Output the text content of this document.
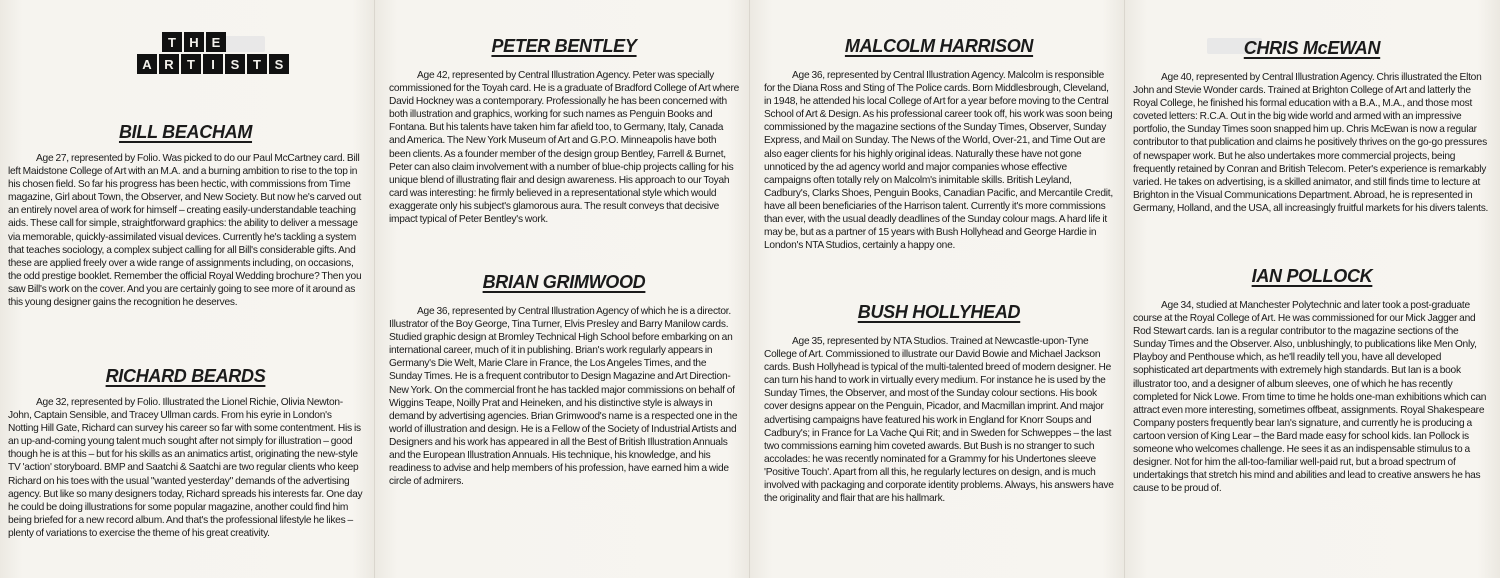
T	H E
A R	T	I	S	T	S
BILL BEACHAM

Age 27, represented by Folio. Was picked to do our Paul McCartney card. Bill left Maidstone College of Art with an M.A. and a burning ambition to rise to the top in his chosen field. So far his progress has been hectic, with commissions from Time magazine, Girl about Town, the Observer, and New Society. But now he's carved out an entirely novel area of work for himself – creating easily-understandable teaching aids. These call for simple, straightforward graphics: the ability to deliver a message via memorable, quickly-assimilated visual devices. Currently he's tackling a system that teaches sociology, a complex subject calling for all Bill's considerable gifts. And these are applied freely over a wide range of assignments including, on occasions, the odd prestige booklet. Remember the official Royal Wedding brochure? Then you saw Bill's work on the cover. And you are certainly going to see more of it around as this young designer gains the recognition he deserves.

RICHARD BEARDS

Age 32, represented by Folio. Illustrated the Lionel Richie, Olivia Newton-John, Captain Sensible, and Tracey Ullman cards. From his eyrie in London's Notting Hill Gate, Richard can survey his career so far with some contentment. His is an up-and-coming young talent much sought after not simply for illustration – good though he is at this – but for his skills as an animatics artist, originating the new-style TV 'action' storyboard. BMP and Saatchi & Saatchi are two regular clients who keep Richard on his toes with the usual "wanted yesterday" demands of the advertising agency. But like so many designers today, Richard spreads his interests far. One day he could be doing illustrations for some popular magazine, another could find him being briefed for a new record album. And that's the professional lifestyle he likes – plenty of variations to exercise the theme of his great creativity.

PETER BENTLEY

Age 42, represented by Central Illustration Agency. Peter was specially commissioned for the Toyah card. He is a graduate of Bradford College of Art where David Hockney was a contemporary. Professionally he has been concerned with both illustration and graphics, working for such names as Penguin Books and Fontana. But his talents have taken him far afield too, to Germany, Italy, Canada and America. The New York Museum of Art and G.P.O. Minneapolis have both been clients. As a founder member of the design group Bentley, Farrell & Burnet, Peter can also claim involvement with a number of blue-chip projects calling for his unique blend of illustrating flair and design awareness. His approach to our Toyah card was interesting: he firmly believed in a representational style which would exaggerate only his subject's glamorous aura. The result conveys that decisive impact typical of Peter Bentley's work.

BRIAN GRIMWOOD

Age 36, represented by Central Illustration Agency of which he is a director. Illustrator of the Boy George, Tina Turner, Elvis Presley and Barry Manilow cards. Studied graphic design at Bromley Technical High School before embarking on an international career, much of it in publishing. Brian's work regularly appears in Germany's Die Welt, Marie Clare in France, the Los Angeles Times, and the Sunday Times. He is a frequent contributor to Design Magazine and Art Direction-New York. On the commercial front he has tackled major commissions on behalf of Wiggins Teape, Noilly Prat and Heineken, and his distinctive style is always in demand by advertising agencies. Brian Grimwood's name is a respected one in the world of illustration and design. He is a Fellow of the Society of Industrial Artists and Designers and his work has appeared in all the Best of British Illustration Annuals and the European Illustration Annuals. His technique, his knowledge, and his readiness to advise and help members of his profession, have earned him a wide circle of admirers.

MALCOLM HARRISON

Age 36, represented by Central Illustration Agency. Malcolm is responsible for the Diana Ross and Sting of The Police cards. Born Middlesbrough, Cleveland, in 1948, he attended his local College of Art for a year before moving to the Central School of Art & Design. As his professional career took off, his work was soon being commissioned by the magazine sections of the Sunday Times, Observer, Sunday Express, and Mail on Sunday. The News of the World, Over-21, and Time Out are also eager clients for his highly original ideas. Naturally these have not gone unnoticed by the ad agency world and major companies whose effective campaigns often totally rely on Malcolm's inimitable skills. British Leyland, Cadbury's, Clarks Shoes, Penguin Books, Canadian Pacific, and Mercantile Credit, have all been beneficiaries of the Harrison talent. Currently it's more commissions than ever, with the usual deadly deadlines of the Sunday colour mags. A hard life it may be, but as a partner of 15 years with Bush Hollyhead and George Hardie in London's NTA Studios, certainly a happy one.

BUSH HOLLYHEAD

Age 35, represented by NTA Studios. Trained at Newcastle-upon-Tyne College of Art. Commissioned to illustrate our David Bowie and Michael Jackson cards. Bush Hollyhead is typical of the multi-talented breed of modern designer. He can turn his hand to work in virtually every medium. For instance he is used by the Sunday Times, the Observer, and most of the Sunday colour sections. His book cover designs appear on the Penguin, Picador, and Macmillan imprint. And major advertising campaigns have featured his work in England for Knorr Soups and Cadbury's; in France for La Vache Qui Rit; and in Sweden for Schweppes – the last two commissions earning him coveted awards. But Bush is no stranger to such accolades: he was recently nominated for a Grammy for his Undertones sleeve 'Positive Touch'. Apart from all this, he regularly lectures on design, and is much involved with packaging and corporate identity problems. Always, his answers have the originality and flair that are his hallmark.

CHRIS McEWAN

Age 40, represented by Central Illustration Agency. Chris illustrated the Elton John and Stevie Wonder cards. Trained at Brighton College of Art and latterly the Royal College, he finished his formal education with a B.A., M.A., and those most coveted letters: R.C.A. Out in the big wide world and armed with an impressive portfolio, the Sunday Times soon snapped him up. Chris McEwan is now a regular contributor to that publication and claims he positively thrives on the go-go pressures of newspaper work. But he also undertakes more commercial projects, being frequently retained by Conran and British Telecom. Peter's experience is remarkably varied. He takes on advertising, is a skilled animator, and still finds time to lecture at Brighton in the Visual Communications Department. Abroad, he is represented in Germany, Holland, and the USA, all increasingly fruitful markets for his divers talents.

IAN POLLOCK

Age 34, studied at Manchester Polytechnic and later took a post-graduate course at the Royal College of Art. He was commissioned for our Mick Jagger and Rod Stewart cards. Ian is a regular contributor to the magazine sections of the Sunday Times and the Observer. Also, unblushingly, to publications like Men Only, Playboy and Penthouse which, as he'll readily tell you, have all developed sophisticated art departments with extremely high standards. But Ian is a book illustrator too, and a designer of album sleeves, one of which he has recently completed for Nick Lowe. From time to time he holds one-man exhibitions which can attract even more interesting, sometimes offbeat, assignments. Royal Shakespeare Company posters frequently bear Ian's signature, and currently he is producing a cartoon version of King Lear – the Bard made easy for school kids. Ian Pollock is someone who welcomes challenge. He sees it as an indispensable stimulus to a designer. Not for him the all-too-familiar well-paid rut, but a broad spectrum of undertakings that stretch his mind and abilities and lead to creative answers he has cause to be proud of.
